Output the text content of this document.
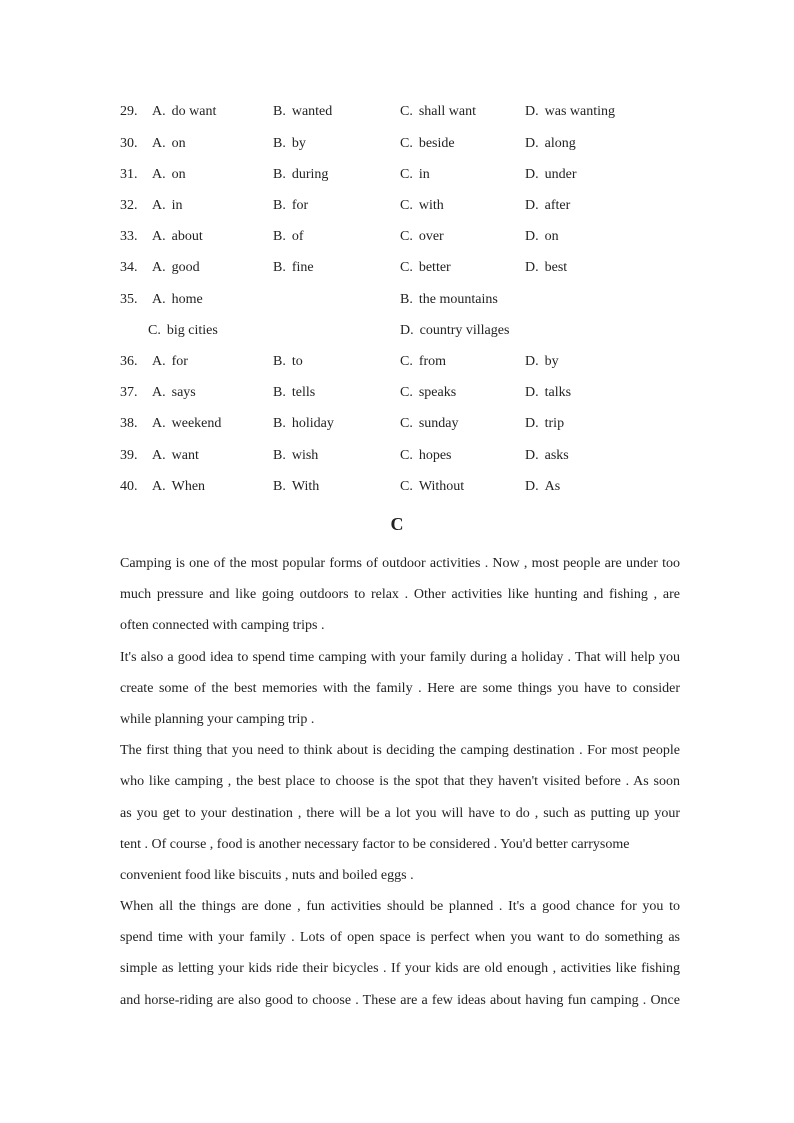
29. A. do want	B. wanted	C. shall want	D. was wanting
30. A. on	B. by	C. beside	D. along
31. A. on	B. during	C. in	D. under
32. A. in	B. for	C. with	D. after
33. A. about	B. of	C. over	D. on
34. A. good	B. fine	C. better	D. best
35. A. home	B. the mountains
C. big cities	D. country villages
36. A. for	B. to	C. from	D. by
37. A. says	B. tells	C. speaks	D. talks
38. A. weekend	B. holiday	C. sunday	D. trip
39. A. want	B. wish	C. hopes	D. asks
40. A. When	B. With	C. Without	D. As
C
Camping is one of the most popular forms of outdoor activities . Now , most people are under too
much pressure and like going outdoors to relax . Other activities like hunting and fishing , are
often connected with camping trips .
It's also a good idea to spend time camping with your family during a holiday . That will help you
create some of the best memories with the family . Here are some things you have to consider
while planning your camping trip .
The first thing that you need to think about is deciding the camping destination . For most people
who like camping , the best place to choose is the spot that they haven't visited before . As soon
as you get to your destination , there will be a lot you will have to do , such as putting up your
tent . Of course , food is another necessary factor to be considered . You'd better carrysome
convenient food like biscuits , nuts and boiled eggs .
When all the things are done , fun activities should be planned . It's a good chance for you to
spend time with your family . Lots of open space is perfect when you want to do something as
simple as letting your kids ride their bicycles . If your kids are old enough , activities like fishing
and horse-riding are also good to choose . These are a few ideas about having fun camping . Once
